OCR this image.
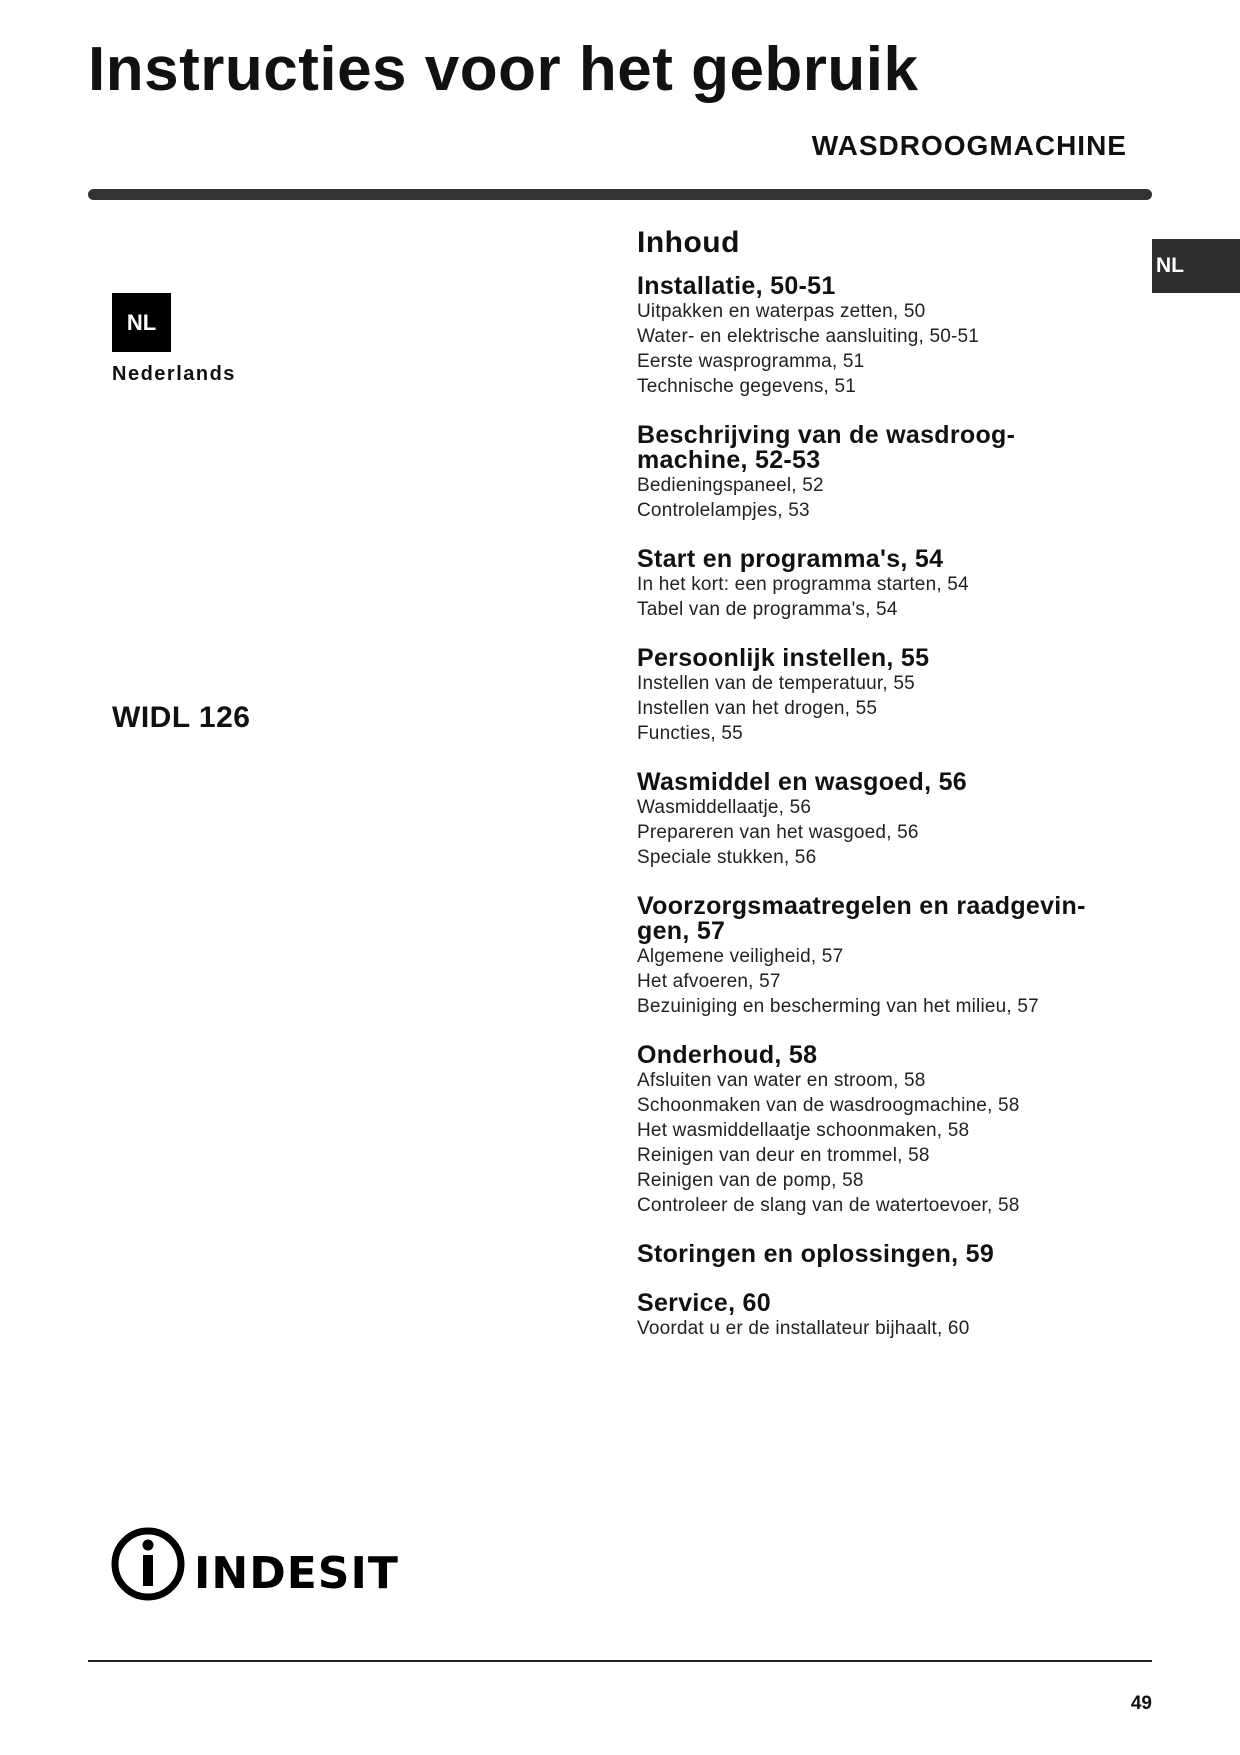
Instructies voor het gebruik
WASDROOGMACHINE
NL
NL
Nederlands
WIDL 126
Inhoud
Installatie, 50-51
Uitpakken en waterpas zetten, 50
Water- en elektrische aansluiting, 50-51
Eerste wasprogramma, 51
Technische gegevens, 51
Beschrijving van de wasdroog-
machine, 52-53
Bedieningspaneel, 52
Controlelampjes, 53
Start en programma's, 54
In het kort: een programma starten, 54
Tabel van de programma's, 54
Persoonlijk instellen, 55
Instellen van de temperatuur, 55
Instellen van het drogen, 55
Functies, 55
Wasmiddel en wasgoed, 56
Wasmiddellaatje, 56
Prepareren van het wasgoed, 56
Speciale stukken, 56
Voorzorgsmaatregelen en raadgevin-
gen, 57
Algemene veiligheid, 57
Het afvoeren, 57
Bezuiniging en bescherming van het milieu, 57
Onderhoud, 58
Afsluiten van water en stroom, 58
Schoonmaken van de wasdroogmachine, 58
Het wasmiddellaatje schoonmaken, 58
Reinigen van deur en trommel, 58
Reinigen van de pomp, 58
Controleer de slang van de watertoevoer, 58
Storingen en oplossingen, 59
Service, 60
Voordat u er de installateur bijhaalt, 60
INDESIT
49
